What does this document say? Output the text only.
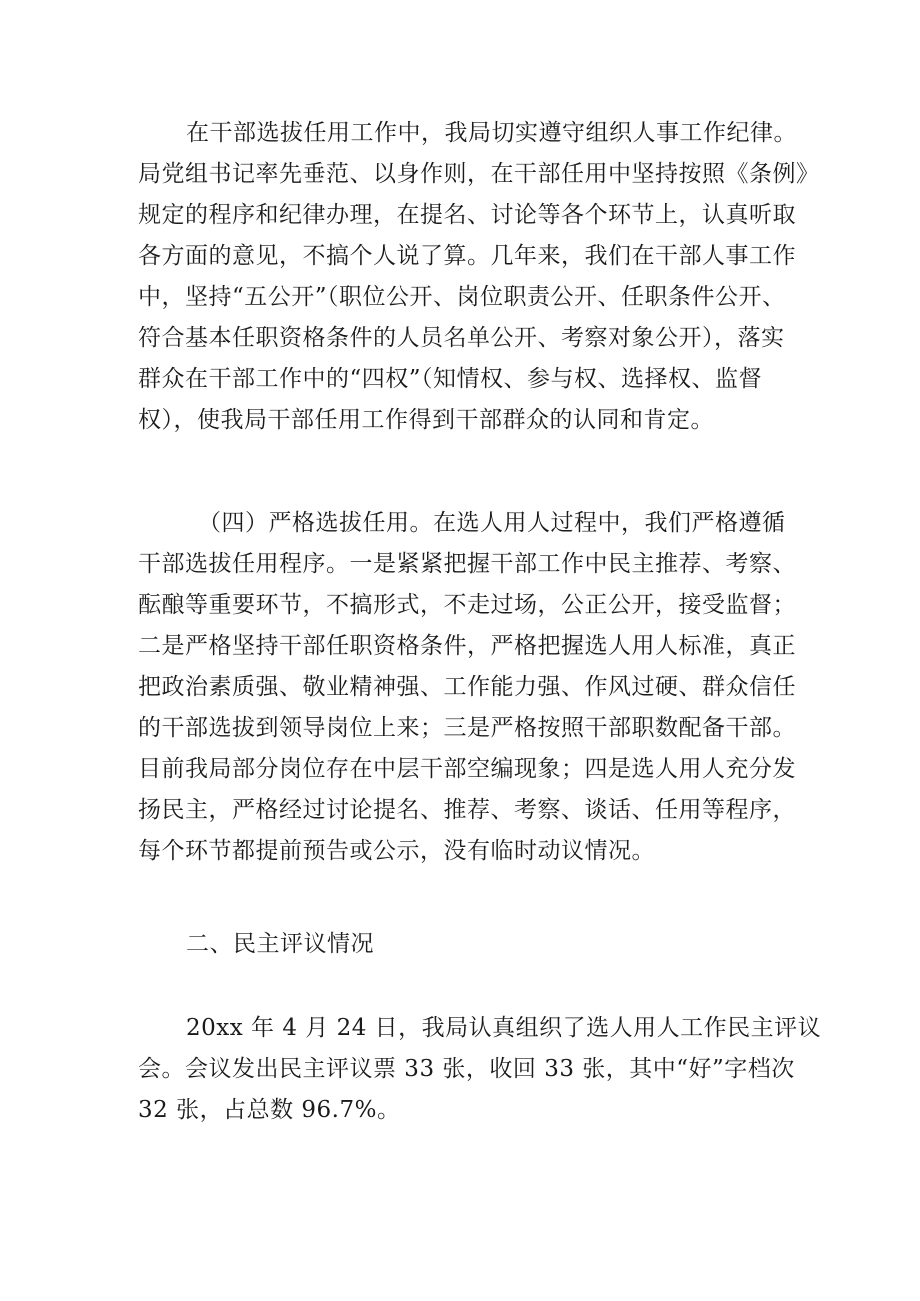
在干部选拔任用工作中，我局切实遵守组织人事工作纪律。
局党组书记率先垂范、以身作则，在干部任用中坚持按照《条例》
规定的程序和纪律办理，在提名、讨论等各个环节上，认真听取
各方面的意见，不搞个人说了算。几年来，我们在干部人事工作
中，坚持“五公开”（职位公开、岗位职责公开、任职条件公开、
符合基本任职资格条件的人员名单公开、考察对象公开），落实
群众在干部工作中的“四权”（知情权、参与权、选择权、监督
权），使我局干部任用工作得到干部群众的认同和肯定。
（四）严格选拔任用。在选人用人过程中，我们严格遵循
干部选拔任用程序。一是紧紧把握干部工作中民主推荐、考察、
酝酿等重要环节，不搞形式，不走过场，公正公开，接受监督；
二是严格坚持干部任职资格条件，严格把握选人用人标准，真正
把政治素质强、敬业精神强、工作能力强、作风过硬、群众信任
的干部选拔到领导岗位上来；三是严格按照干部职数配备干部。
目前我局部分岗位存在中层干部空编现象；四是选人用人充分发
扬民主，严格经过讨论提名、推荐、考察、谈话、任用等程序，
每个环节都提前预告或公示，没有临时动议情况。
二、民主评议情况
20xx 年 4 月 24 日，我局认真组织了选人用人工作民主评议
会。会议发出民主评议票 33 张，收回 33 张，其中“好”字档次
32 张，占总数 96.7%。
